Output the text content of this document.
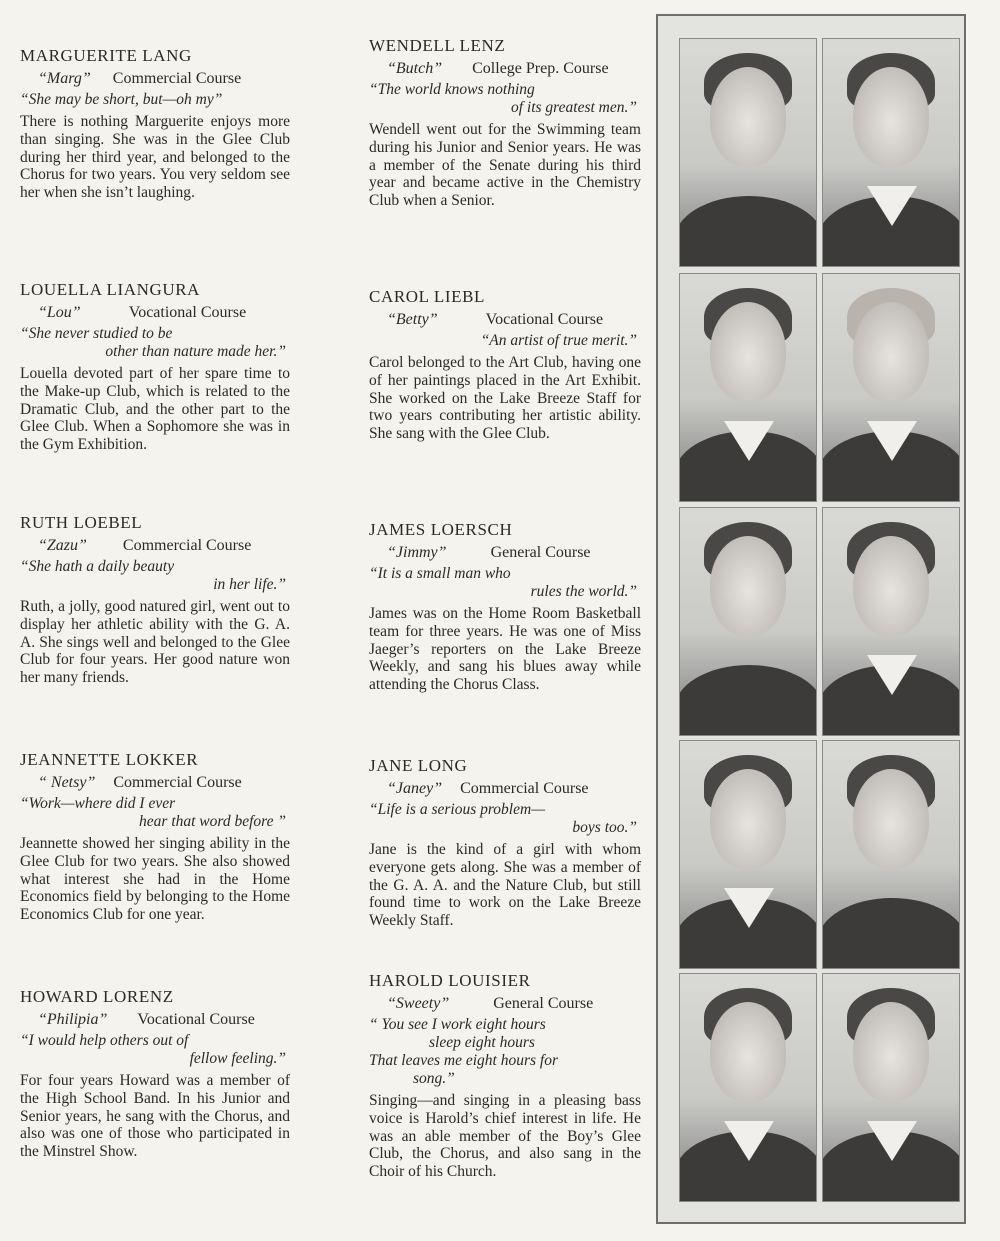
MARGUERITE LANG
“Marg” Commercial Course
“She may be short, but—oh my”
There is nothing Marguerite enjoys more than singing. She was in the Glee Club during her third year, and belonged to the Chorus for two years. You very seldom see her when she isn’t laughing.
LOUELLA LIANGURA
“Lou”	Vocational Course
“She never studied to be
other than nature made her.”
Louella devoted part of her spare time to the Make-up Club, which is related to the Dramatic Club, and the other part to the Glee Club. When a Sophomore she was in the Gym Exhibition.
RUTH LOEBEL
“Zazu” Commercial Course
“She hath a daily beauty
in her life.”
Ruth, a jolly, good natured girl, went out to display her athletic ability with the G. A. A. She sings well and belonged to the Glee Club for four years. Her good nature won her many friends.
JEANNETTE LOKKER
“ Netsy” Commercial Course
“Work—where did I ever
hear that word before ”
Jeannette showed her singing ability in the Glee Club for two years. She also showed what interest she had in the Home Economics field by belonging to the Home Economics Club for one year.
HOWARD LORENZ
“Philipia” Vocational Course
“I would help others out of
fellow feeling.”
For four years Howard was a member of the High School Band. In his Junior and Senior years, he sang with the Chorus, and also was one of those who participated in the Minstrel Show.
WENDELL LENZ
“Butch” College Prep. Course
“The world knows nothing
of its greatest men.”
Wendell went out for the Swimming team during his Junior and Senior years. He was a member of the Senate during his third year and became active in the Chemistry Club when a Senior.
CAROL LIEBL
“Betty”	Vocational Course
“An artist of true merit.”
Carol belonged to the Art Club, having one of her paintings placed in the Art Exhibit. She worked on the Lake Breeze Staff for two years contributing her artistic ability. She sang with the Glee Club.
JAMES LOERSCH
“Jimmy”	General Course
“It is a small man who
rules the world.”
James was on the Home Room Basketball team for three years. He was one of Miss Jaeger’s reporters on the Lake Breeze Weekly, and sang his blues away while attending the Chorus Class.
JANE LONG
“Janey” Commercial Course
“Life is a serious problem—
boys too.”
Jane is the kind of a girl with whom everyone gets along. She was a member of the G. A. A. and the Nature Club, but still found time to work on the Lake Breeze Weekly Staff.
HAROLD LOUISIER
“Sweety”	General Course
“ You see I work eight hours
sleep eight hours
That leaves me eight hours for
song.”
Singing—and singing in a pleasing bass voice is Harold’s chief interest in life. He was an able member of the Boy’s Glee Club, the Chorus, and also sang in the Choir of his Church.
